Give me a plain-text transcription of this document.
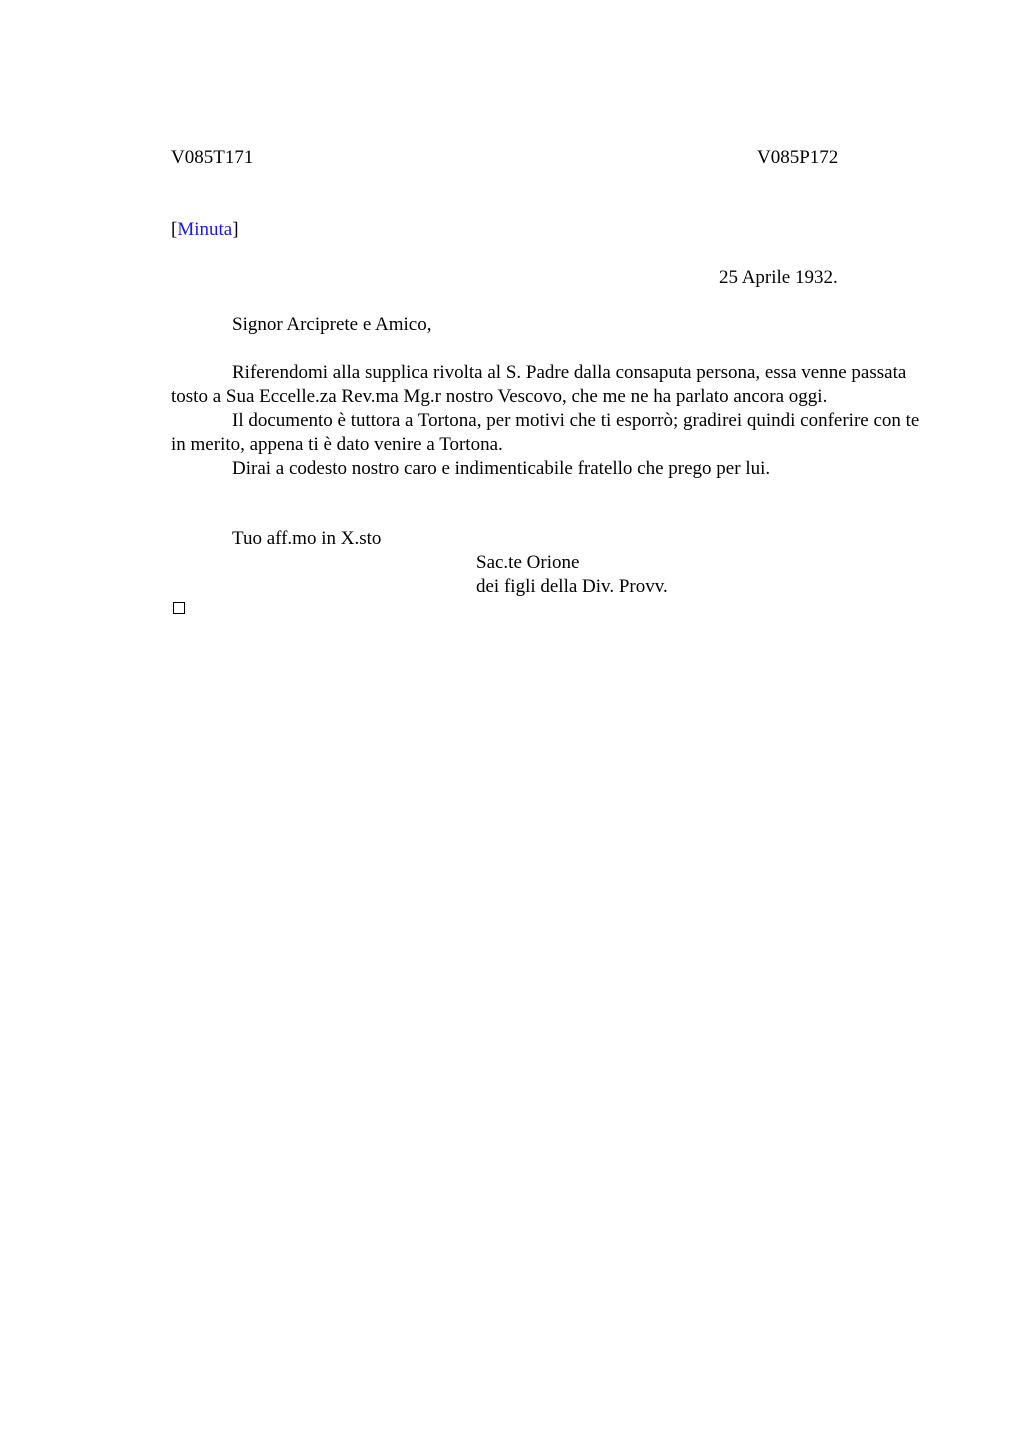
V085T171	V085P172
[Minuta]
25 Aprile 1932.
Signor Arciprete e Amico,

Riferendomi alla supplica rivolta al S. Padre dalla consaputa persona, essa venne passata tosto a Sua Eccelle.za Rev.ma Mg.r nostro Vescovo, che me ne ha parlato ancora oggi.

Il documento è tuttora a Tortona, per motivi che ti esporrò; gradirei quindi conferire con te in merito, appena ti è dato venire a Tortona.

Dirai a codesto nostro caro e indimenticabile fratello che prego per lui.

Tuo aff.mo in X.sto
Sac.te Orione
dei figli della Div. Provv.
